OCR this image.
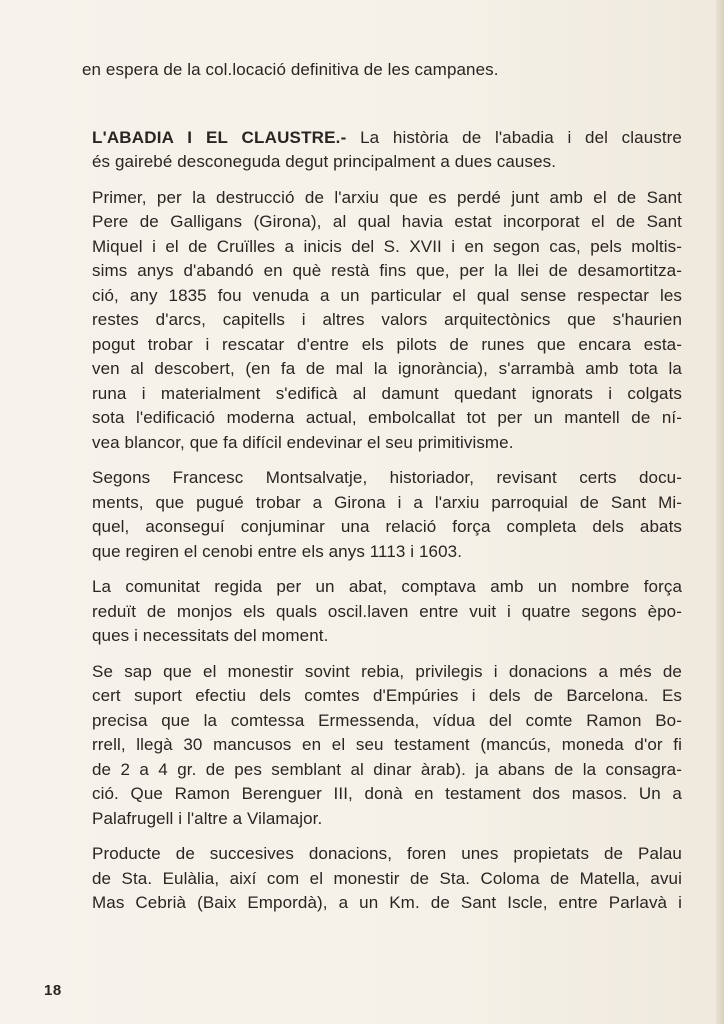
en espera de la col.locació definitiva de les campanes.
L'ABADIA I EL CLAUSTRE.- La història de l'abadia i del claustre
és gairebé desconeguda degut principalment a dues causes.
Primer, per la destrucció de l'arxiu que es perdé junt amb el de Sant
Pere de Galligans (Girona), al qual havia estat incorporat el de Sant
Miquel i el de Cruïlles a inicis del S. XVII i en segon cas, pels moltis-
sims anys d'abandó en què restà fins que, per la llei de desamortitza-
ció, any 1835 fou venuda a un particular el qual sense respectar les
restes d'arcs, capitells i altres valors arquitectònics que s'haurien
pogut trobar i rescatar d'entre els pilots de runes que encara esta-
ven al descobert, (en fa de mal la ignorància), s'arrambà amb tota la
runa i materialment s'edificà al damunt quedant ignorats i colgats
sota l'edificació moderna actual, embolcallat tot per un mantell de ní-
vea blancor, que fa difícil endevinar el seu primitivisme.
Segons Francesc Montsalvatje, historiador, revisant certs docu-
ments, que pugué trobar a Girona i a l'arxiu parroquial de Sant Mi-
quel, aconseguí conjuminar una relació força completa dels abats
que regiren el cenobi entre els anys 1113 i 1603.
La comunitat regida per un abat, comptava amb un nombre força
reduït de monjos els quals oscil.laven entre vuit i quatre segons èpo-
ques i necessitats del moment.
Se sap que el monestir sovint rebia, privilegis i donacions a més de
cert suport efectiu dels comtes d'Empúries i dels de Barcelona. Es
precisa que la comtessa Ermessenda, vídua del comte Ramon Bo-
rrell, llegà 30 mancusos en el seu testament (mancús, moneda d'or fi
de 2 a 4 gr. de pes semblant al dinar àrab). ja abans de la consagra-
ció. Que Ramon Berenguer III, donà en testament dos masos. Un a
Palafrugell i l'altre a Vilamajor.
Producte de succesives donacions, foren unes propietats de Palau
de Sta. Eulàlia, així com el monestir de Sta. Coloma de Matella, avui
Mas Cebrià (Baix Empordà), a un Km. de Sant Iscle, entre Parlavà i
18
